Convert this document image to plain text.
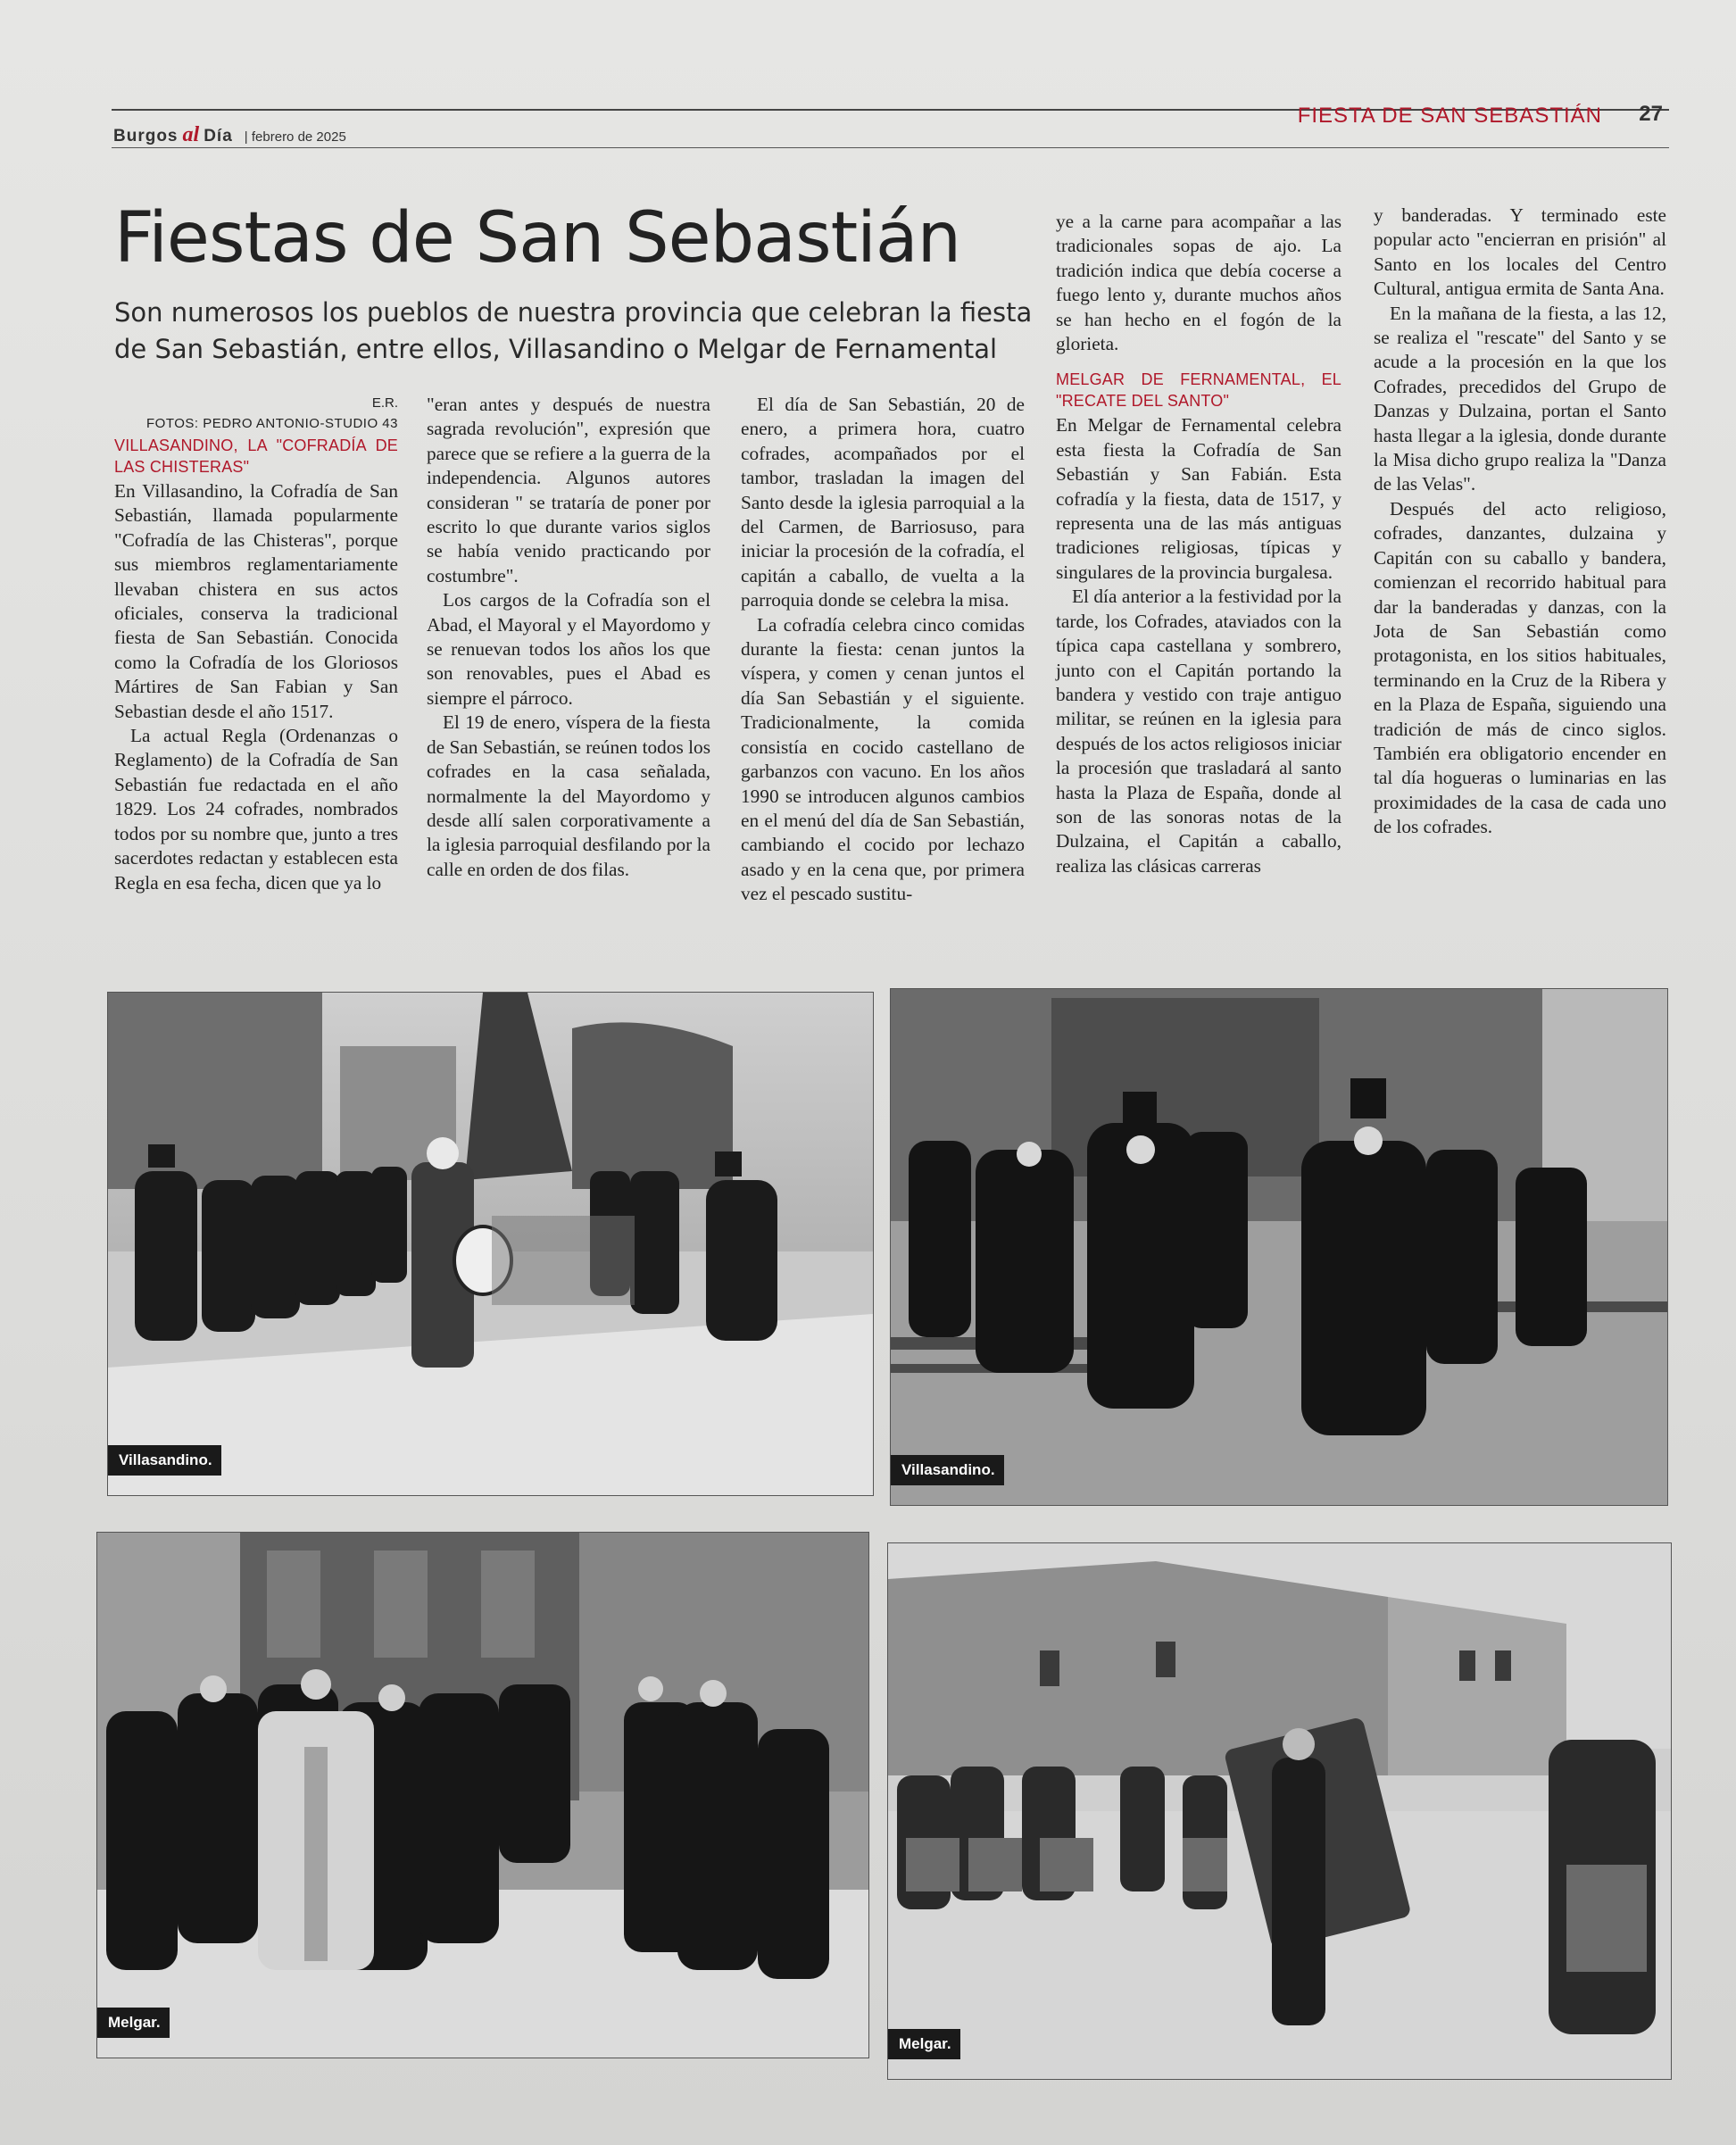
Burgos al Día | febrero de 2025
FIESTA DE SAN SEBASTIÁN 27
Fiestas de San Sebastián
Son numerosos los pueblos de nuestra provincia que celebran la fiesta de San Sebastián, entre ellos, Villasandino o Melgar de Fernamental
E.R.
FOTOS: PEDRO ANTONIO-STUDIO 43
VILLASANDINO, LA "COFRADÍA DE LAS CHISTERAS"

En Villasandino, la Cofradía de San Sebastián, llamada popularmente "Cofradía de las Chisteras", porque sus miembros reglamentariamente llevaban chistera en sus actos oficiales, conserva la tradicional fiesta de San Sebastián. Conocida como la Cofradía de los Gloriosos Mártires de San Fabian y San Sebastian desde el año 1517.

La actual Regla (Ordenanzas o Reglamento) de la Cofradía de San Sebastián fue redactada en el año 1829. Los 24 cofrades, nombrados todos por su nombre que, junto a tres sacerdotes redactan y establecen esta Regla en esa fecha, dicen que ya lo

"eran antes y después de nuestra sagrada revolución", expresión que parece que se refiere a la guerra de la independencia. Algunos autores consideran " se trataría de poner por escrito lo que durante varios siglos se había venido practicando por costumbre".

Los cargos de la Cofradía son el Abad, el Mayoral y el Mayordomo y se renuevan todos los años los que son renovables, pues el Abad es siempre el párroco.

El 19 de enero, víspera de la fiesta de San Sebastián, se reúnen todos los cofrades en la casa señalada, normalmente la del Mayordomo y desde allí salen corporativamente a la iglesia parroquial desfilando por la calle en orden de dos filas.

El día de San Sebastián, 20 de enero, a primera hora, cuatro cofrades, acompañados por el tambor, trasladan la imagen del Santo desde la iglesia parroquial a la del Carmen, de Barriosuso, para iniciar la procesión de la cofradía, el capitán a caballo, de vuelta a la parroquia donde se celebra la misa.

La cofradía celebra cinco comidas durante la fiesta: cenan juntos la víspera, y comen y cenan juntos el día San Sebastián y el siguiente. Tradicionalmente, la comida consistía en cocido castellano de garbanzos con vacuno. En los años 1990 se introducen algunos cambios en el menú del día de San Sebastián, cambiando el cocido por lechazo asado y en la cena que, por primera vez el pescado sustitu-

ye a la carne para acompañar a las tradicionales sopas de ajo. La tradición indica que debía cocerse a fuego lento y, durante muchos años se han hecho en el fogón de la glorieta.

MELGAR DE FERNAMENTAL, EL "RECATE DEL SANTO"

En Melgar de Fernamental celebra esta fiesta la Cofradía de San Sebastián y San Fabián. Esta cofradía y la fiesta, data de 1517, y representa una de las más antiguas tradiciones religiosas, típicas y singulares de la provincia burgalesa.

El día anterior a la festividad por la tarde, los Cofrades, ataviados con la típica capa castellana y sombrero, junto con el Capitán portando la bandera y vestido con traje antiguo militar, se reúnen en la iglesia para después de los actos religiosos iniciar la procesión que trasladará al santo hasta la Plaza de España, donde al son de las sonoras notas de la Dulzaina, el Capitán a caballo, realiza las clásicas carreras

y banderadas. Y terminado este popular acto "encierran en prisión" al Santo en los locales del Centro Cultural, antigua ermita de Santa Ana.

En la mañana de la fiesta, a las 12, se realiza el "rescate" del Santo y se acude a la procesión en la que los Cofrades, precedidos del Grupo de Danzas y Dulzaina, portan el Santo hasta llegar a la iglesia, donde durante la Misa dicho grupo realiza la "Danza de las Velas".

Después del acto religioso, cofrades, danzantes, dulzaina y Capitán con su caballo y bandera, comienzan el recorrido habitual para dar la banderadas y danzas, con la Jota de San Sebastián como protagonista, en los sitios habituales, terminando en la Cruz de la Ribera y en la Plaza de España, siguiendo una tradición de más de cinco siglos. También era obligatorio encender en tal día hogueras o luminarias en las proximidades de la casa de cada uno de los cofrades.

Villasandino.
Villasandino.
Melgar.
Melgar.
